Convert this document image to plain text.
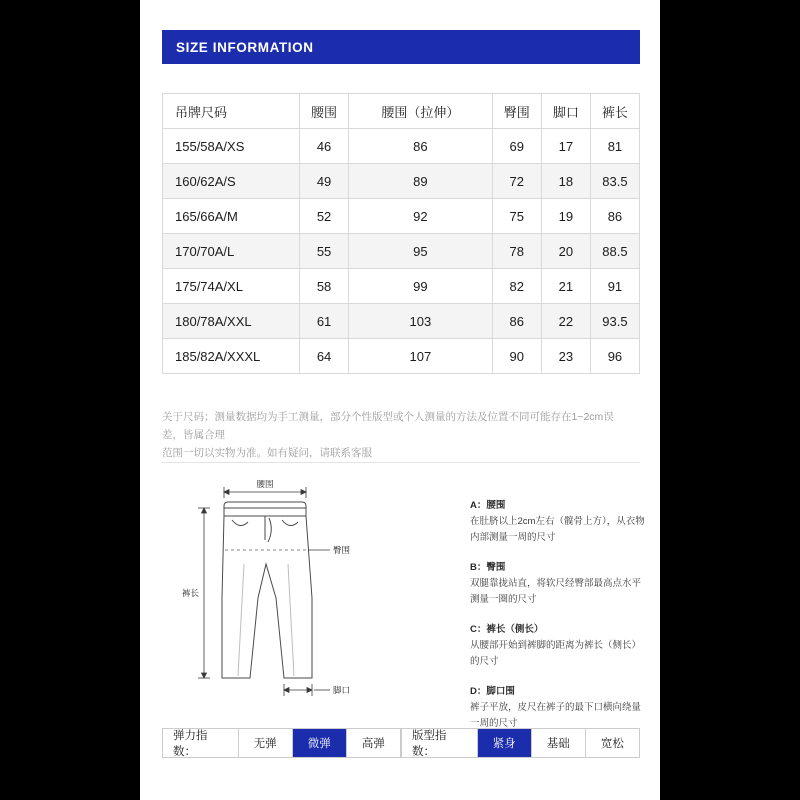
SIZE INFORMATION
吊牌尺码	腰围	腰围（拉伸）	臀围	脚口	裤长
155/58A/XS	46	86	69	17	81
160/62A/S	49	89	72	18	83.5
165/66A/M	52	92	75	19	86
170/70A/L	55	95	78	20	88.5
175/74A/XL	58	99	82	21	91
180/78A/XXL	61	103	86	22	93.5
185/82A/XXXL	64	107	90	23	96
关于尺码；测量数据均为手工测量，部分个性版型或个人测量的方法及位置不同可能存在1~2cm误差，皆属合理
范围一切以实物为准。如有疑问，请联系客服
腰围
臀围
裤长
脚口
A：腰围
在肚脐以上2cm左右（髋骨上方），从衣物内部测量一周的尺寸
B：臀围
双腿靠拢站直，将软尺经臀部最高点水平测量一圈的尺寸
C：裤长（侧长）
从腰部开始到裤脚的距离为裤长（侧长）的尺寸
D：脚口围
裤子平放，皮尺在裤子的最下口横向绕量一周的尺寸
弹力指数：
无弹	微弹	高弹
版型指数：
紧身	基础	宽松
